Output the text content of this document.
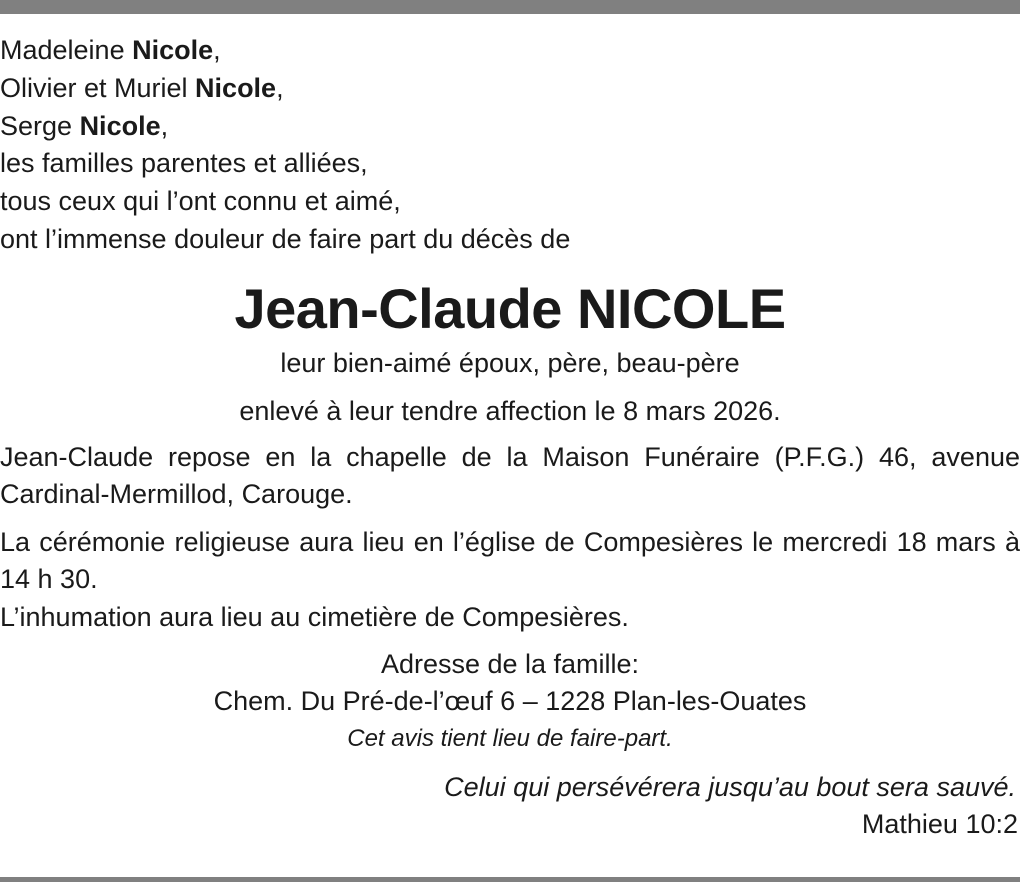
Madeleine Nicole,
Olivier et Muriel Nicole,
Serge Nicole,
les familles parentes et alliées,
tous ceux qui l’ont connu et aimé,
ont l’immense douleur de faire part du décès de
Jean-Claude NICOLE
leur bien-aimé époux, père, beau-père
enlevé à leur tendre affection le 8 mars 2026.
Jean-Claude repose en la chapelle de la Maison Funéraire (P.F.G.) 46, avenue Cardinal-Mermillod, Carouge.
La cérémonie religieuse aura lieu en l’église de Compesières le mercredi 18 mars à 14 h 30.
L’inhumation aura lieu au cimetière de Compesières.
Adresse de la famille:
Chem. Du Pré-de-l’œuf 6 – 1228 Plan-les-Ouates
Cet avis tient lieu de faire-part.
Celui qui persévérera jusqu’au bout sera sauvé.
Mathieu 10:2
